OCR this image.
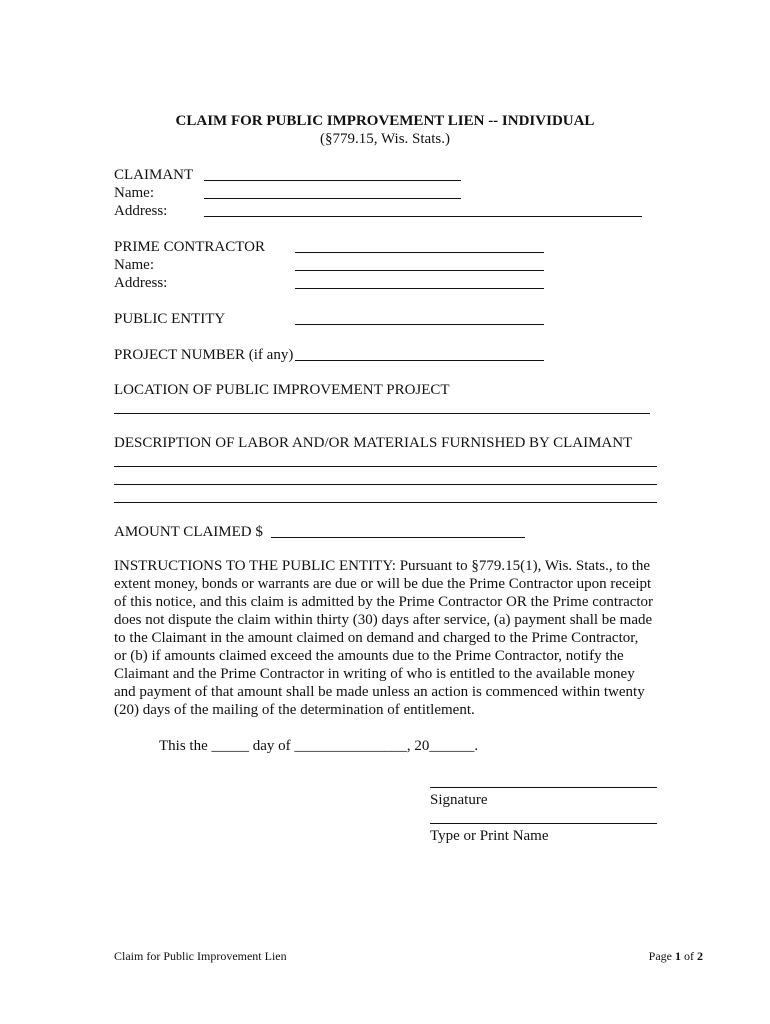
CLAIM FOR PUBLIC IMPROVEMENT LIEN -- INDIVIDUAL
(§779.15, Wis. Stats.)
CLAIMANT
Name:
Address:
PRIME CONTRACTOR
Name:
Address:
PUBLIC ENTITY
PROJECT NUMBER (if any)
LOCATION OF PUBLIC IMPROVEMENT PROJECT
DESCRIPTION OF LABOR AND/OR MATERIALS FURNISHED BY CLAIMANT
AMOUNT CLAIMED $
INSTRUCTIONS TO THE PUBLIC ENTITY: Pursuant to §779.15(1), Wis. Stats., to the
extent money, bonds or warrants are due or will be due the Prime Contractor upon receipt
of this notice, and this claim is admitted by the Prime Contractor OR the Prime contractor
does not dispute the claim within thirty (30) days after service, (a) payment shall be made
to the Claimant in the amount claimed on demand and charged to the Prime Contractor,
or (b) if amounts claimed exceed the amounts due to the Prime Contractor, notify the
Claimant and the Prime Contractor in writing of who is entitled to the available money
and payment of that amount shall be made unless an action is commenced within twenty
(20) days of the mailing of the determination of entitlement.
This the _____ day of _______________, 20______.
Signature
Type or Print Name
Claim for Public Improvement Lien	Page 1 of 2
